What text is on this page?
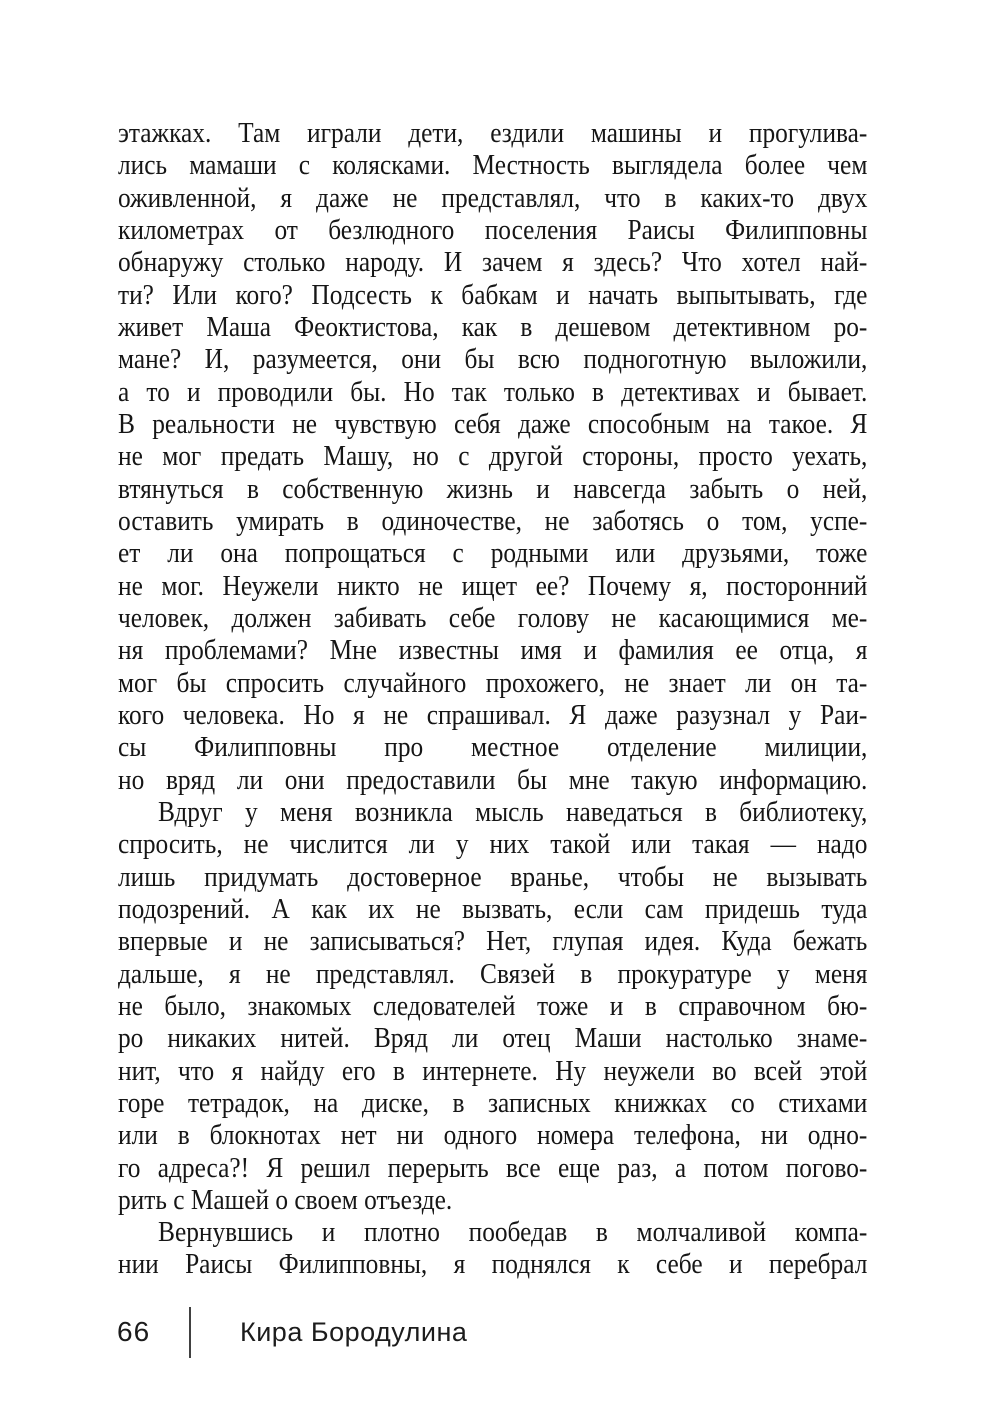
этажках. Там играли дети, ездили машины и прогулива-
лись мамаши с колясками. Местность выглядела более чем
оживленной, я даже не представлял, что в каких-то двух
километрах от безлюдного поселения Раисы Филипповны
обнаружу столько народу. И зачем я здесь? Что хотел най-
ти? Или кого? Подсесть к бабкам и начать выпытывать, где
живет Маша Феоктистова, как в дешевом детективном ро-
мане? И, разумеется, они бы всю подноготную выложили,
а то и проводили бы. Но так только в детективах и бывает.
В реальности не чувствую себя даже способным на такое. Я
не мог предать Машу, но с другой стороны, просто уехать,
втянуться в собственную жизнь и навсегда забыть о ней,
оставить умирать в одиночестве, не заботясь о том, успе-
ет ли она попрощаться с родными или друзьями, тоже
не мог. Неужели никто не ищет ее? Почему я, посторонний
человек, должен забивать себе голову не касающимися ме-
ня проблемами? Мне известны имя и фамилия ее отца, я
мог бы спросить случайного прохожего, не знает ли он та-
кого человека. Но я не спрашивал. Я даже разузнал у Раи-
сы Филипповны про местное отделение милиции,
но вряд ли они предоставили бы мне такую информацию.
Вдруг у меня возникла мысль наведаться в библиотеку,
спросить, не числится ли у них такой или такая — надо
лишь придумать достоверное вранье, чтобы не вызывать
подозрений. А как их не вызвать, если сам придешь туда
впервые и не записываться? Нет, глупая идея. Куда бежать
дальше, я не представлял. Связей в прокуратуре у меня
не было, знакомых следователей тоже и в справочном бю-
ро никаких нитей. Вряд ли отец Маши настолько знаме-
нит, что я найду его в интернете. Ну неужели во всей этой
горе тетрадок, на диске, в записных книжках со стихами
или в блокнотах нет ни одного номера телефона, ни одно-
го адреса?! Я решил перерыть все еще раз, а потом погово-
рить с Машей о своем отъезде.
Вернувшись и плотно пообедав в молчаливой компа-
нии Раисы Филипповны, я поднялся к себе и перебрал
66	Кира Бородулина
